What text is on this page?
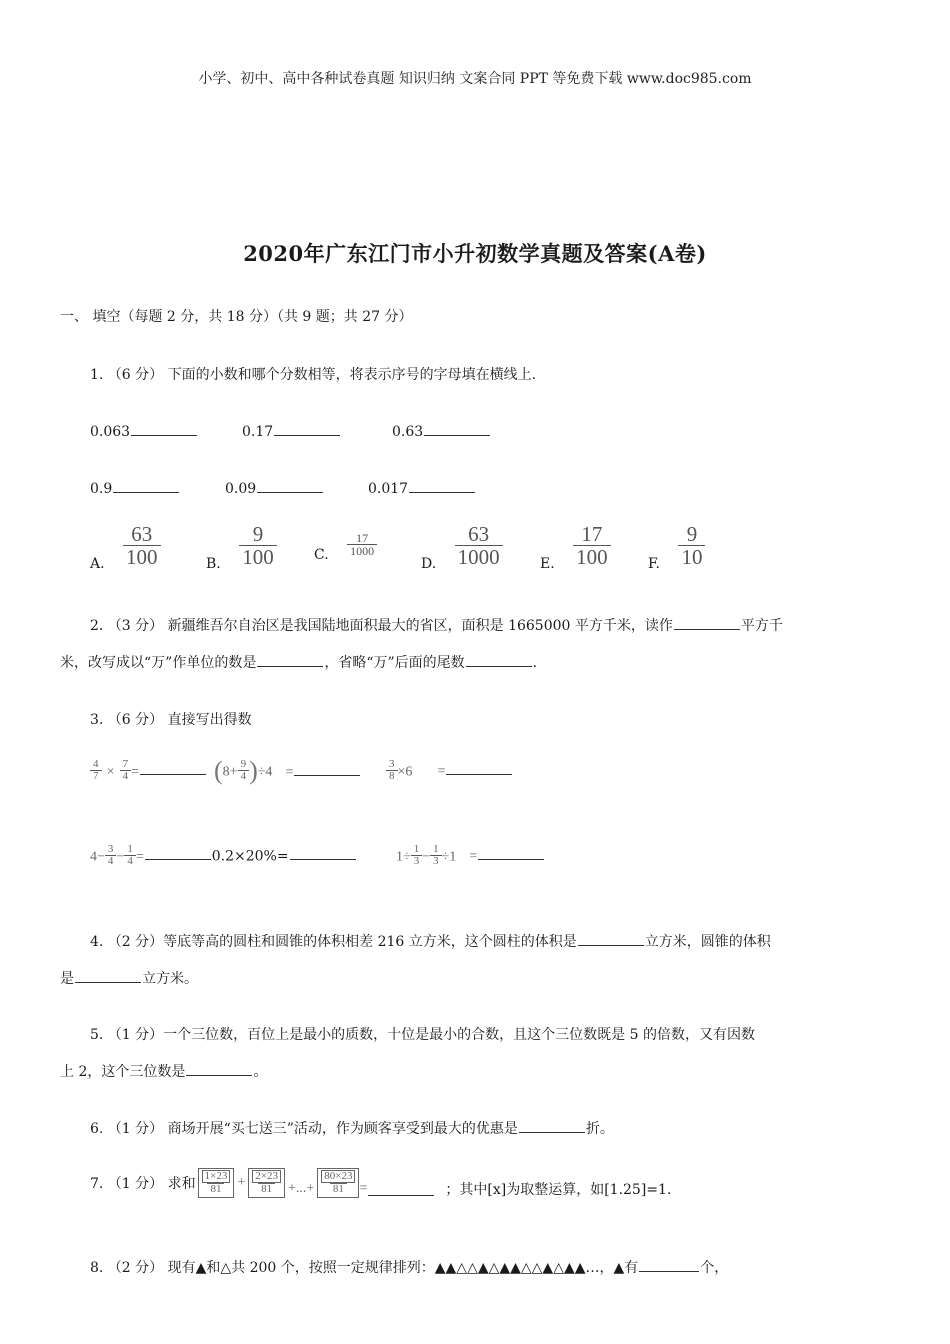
小学、初中、高中各种试卷真题 知识归纳 文案合同 PPT 等免费下载 www.doc985.com
2020年广东江门市小升初数学真题及答案(A卷)
一、 填空（每题 2 分，共 18 分）（共 9 题；共 27 分）
1. （6 分） 下面的小数和哪个分数相等，将表示序号的字母填在横线上.
0.063	0.17	0.63
0.9	0.09	0.017
A. $\frac{63}{100}$	B. $\frac{9}{100}$	C. $\frac{17}{1000}$
D. $\frac{63}{1000}$	E. $\frac{17}{100}$	F. $\frac{9}{10}$
2. （3 分） 新疆维吾尔自治区是我国陆地面积最大的省区，面积是 1665000 平方千米，读作	平方千
米，改写成以“万”作单位的数是	，省略“万”后面的尾数	.
3. （6 分） 直接写出得数
$\frac{4}{7} \times \frac{7}{4}$ =	$(8+ \frac{9}{4} )\div 4$ =	$\frac{3}{8} \times 6$ =
$4- \frac{3}{4} - \frac{1}{4}$ =	0.2×20%=	$1\div \frac{1}{3} - \frac{1}{3} \div 1$ =
4. （2 分）等底等高的圆柱和圆锥的体积相差 216 立方米，这个圆柱的体积是	立方米，圆锥的体积
是	立方米。
5. （1 分）一个三位数，百位上是最小的质数，十位是最小的合数，且这个三位数既是 5 的倍数，又有因数
上 2，这个三位数是	。
6. （1 分） 商场开展“买七送三”活动，作为顾客享受到最大的优惠是	折。
7. （1 分） 求和 $\frac{1\times 23}{81} + \frac{2\times 23}{81}$ +...+ $\frac{80\times 23}{81}$ =	；其中[x]为取整运算，如[1.25]=1.
8. （2 分） 现有▲和△共 200 个，按照一定规律排列：▲▲△△▲△▲▲△△▲△▲▲…，▲有	个，
